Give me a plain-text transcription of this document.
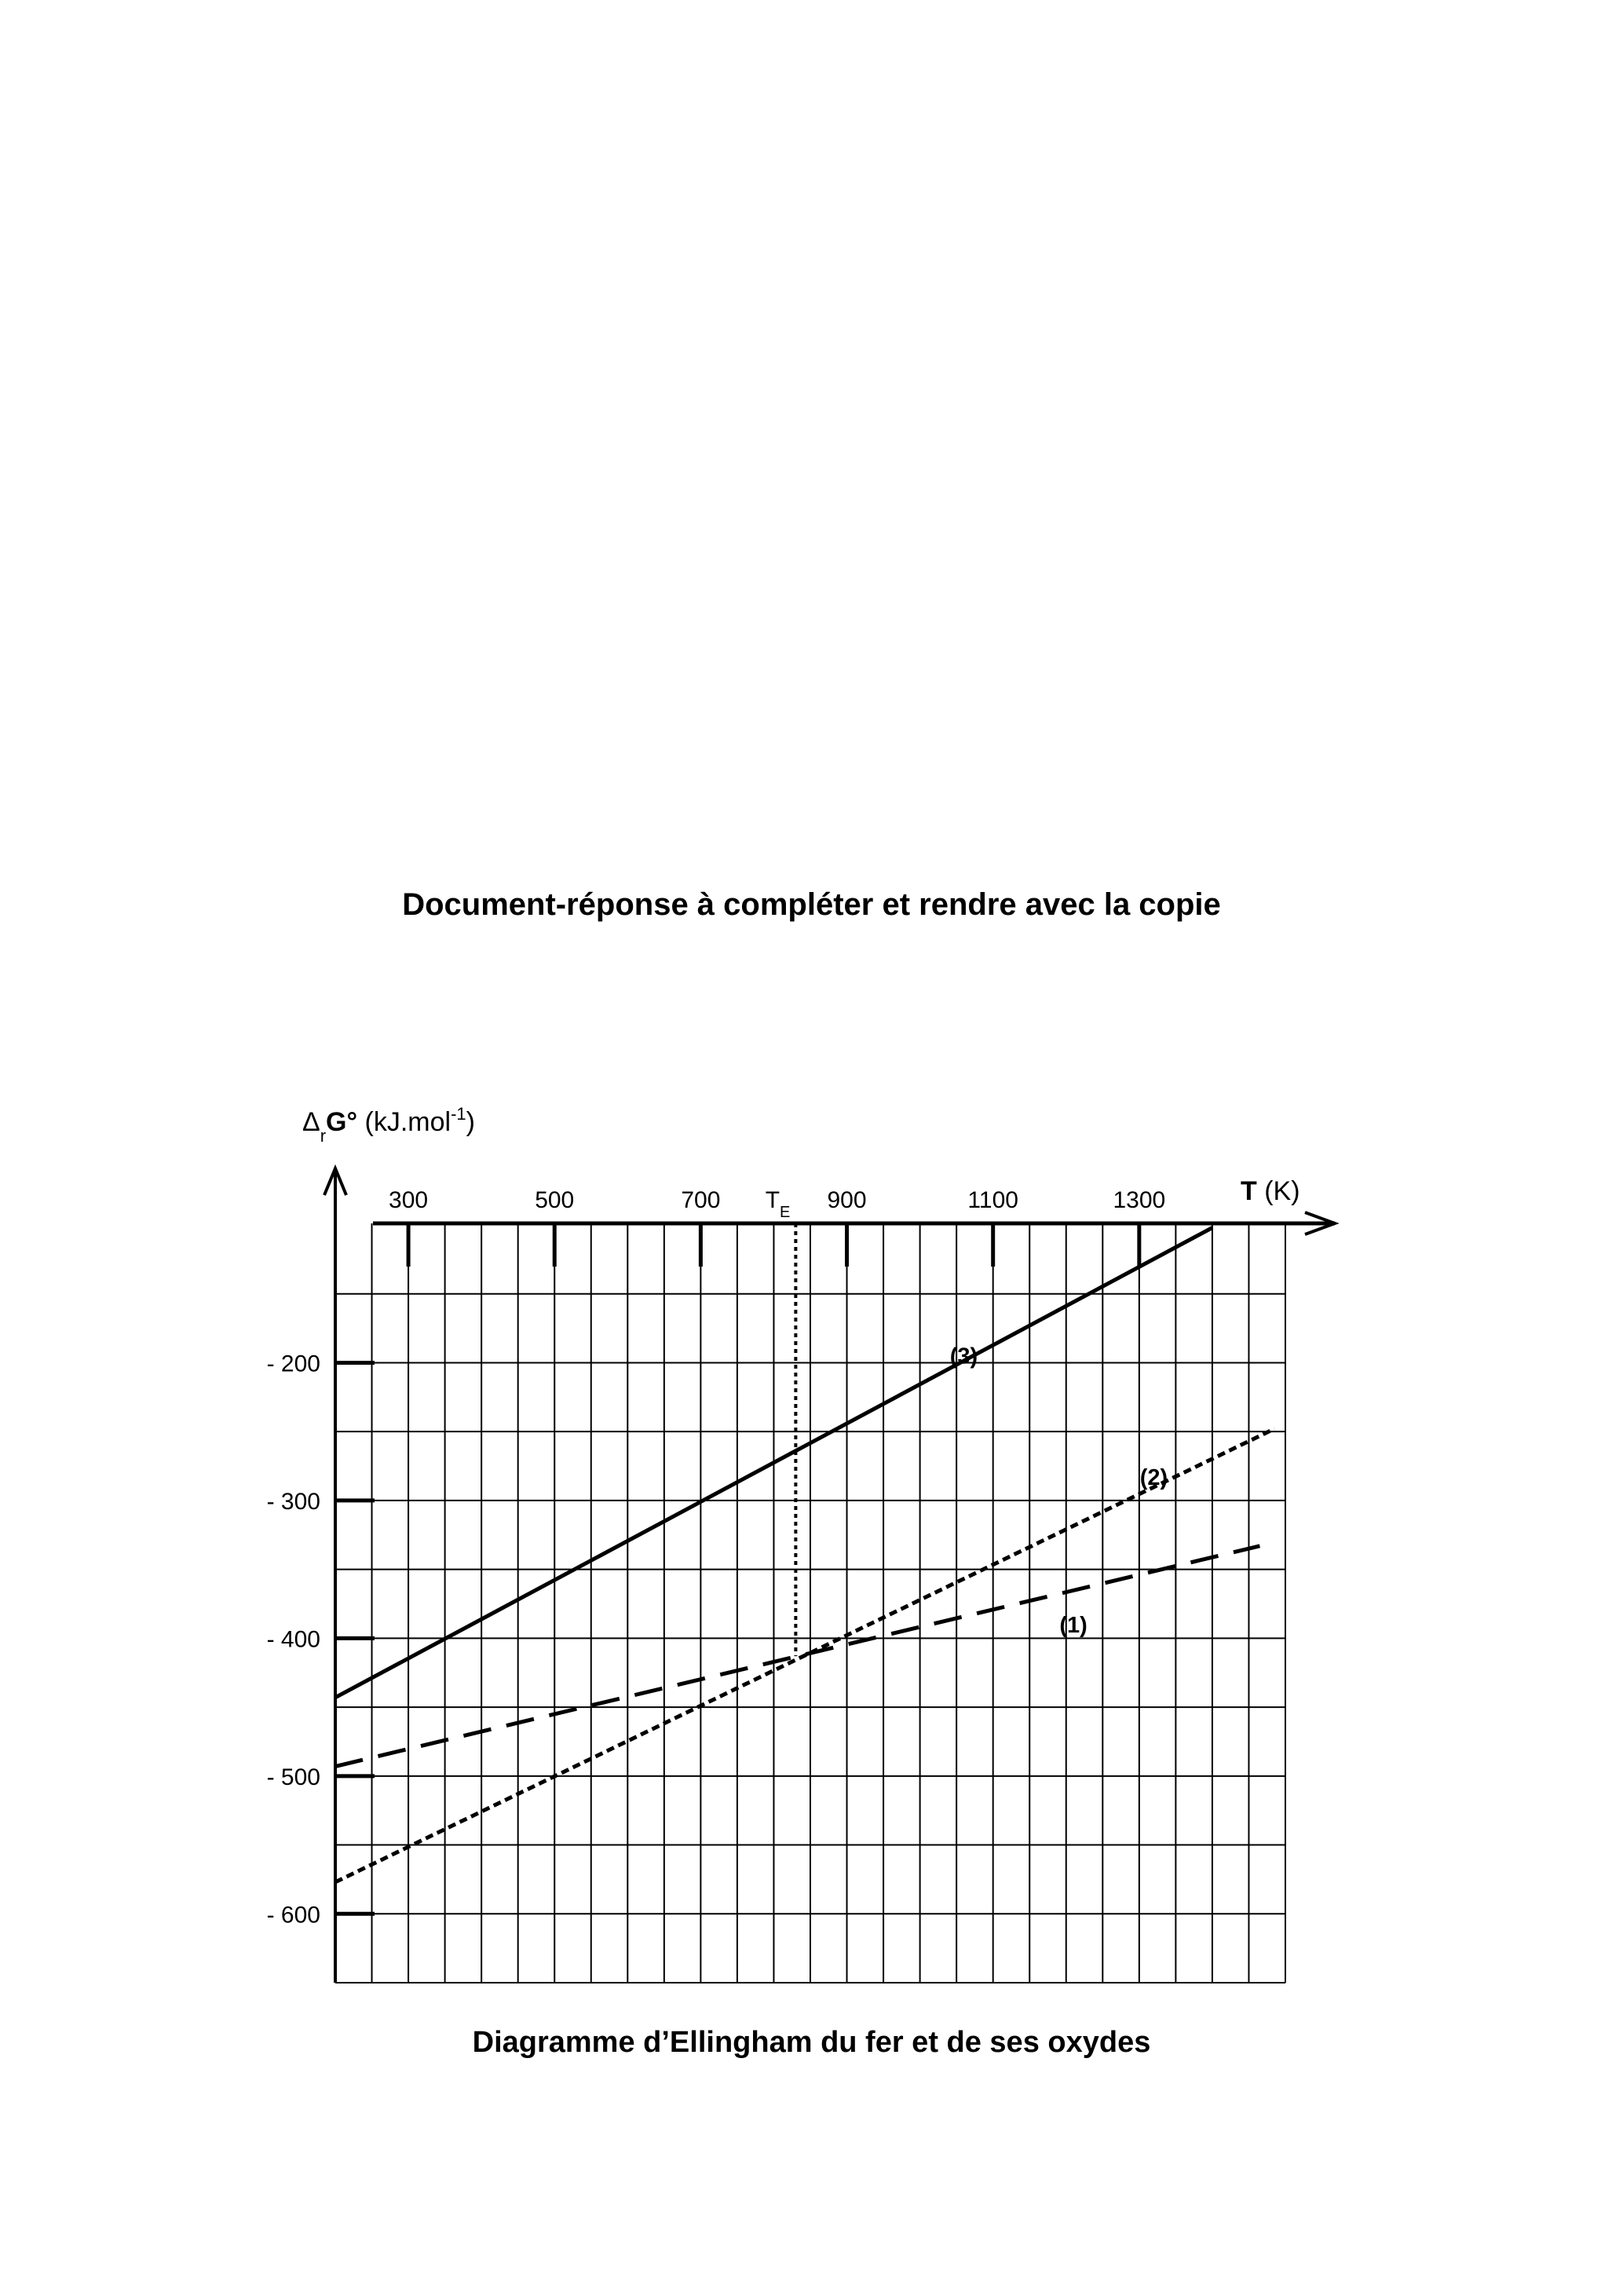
Document-réponse à compléter et rendre avec la copie
300	500	700	900	1100	1300
- 200
- 300
- 400
- 500
- 600
$T_E$
(1)
(2)
(3)
$\Delta_rG^\circ$ (kJ.mol$^{-1}$)
T (K)
Diagramme d’Ellingham du fer et de ses oxydes
